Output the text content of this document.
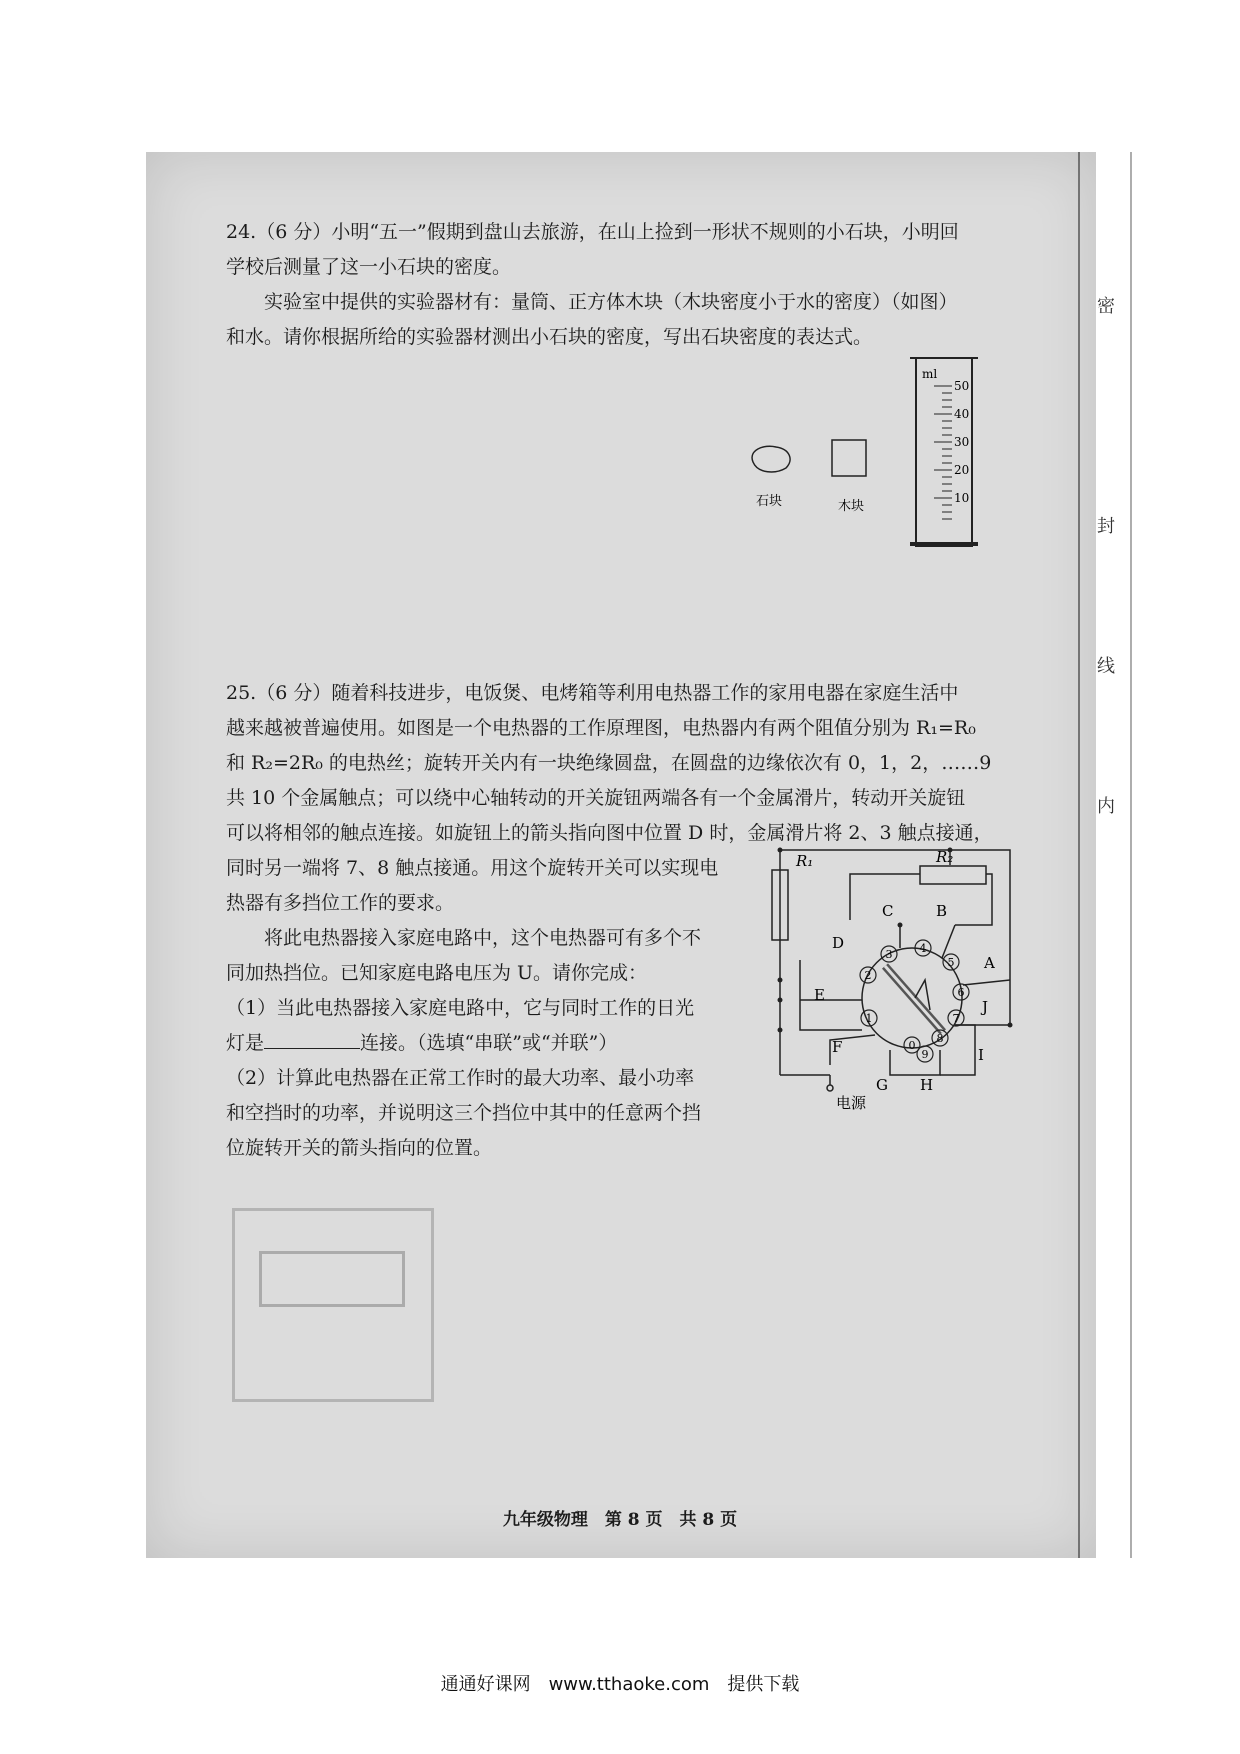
密
封
线
内

24.（6 分）小明“五一”假期到盘山去旅游，在山上捡到一形状不规则的小石块，小明回

学校后测量了这一小石块的密度。

实验室中提供的实验器材有：量筒、正方体木块（木块密度小于水的密度）（如图）

和水。请你根据所给的实验器材测出小石块的密度，写出石块密度的表达式。

石块	木块
ml
50
40
30
20
10

25.（6 分）随着科技进步，电饭煲、电烤箱等利用电热器工作的家用电器在家庭生活中

越来越被普遍使用。如图是一个电热器的工作原理图，电热器内有两个阻值分别为 R₁=R₀

和 R₂=2R₀ 的电热丝；旋转开关内有一块绝缘圆盘，在圆盘的边缘依次有 0，1，2，……9

共 10 个金属触点；可以绕中心轴转动的开关旋钮两端各有一个金属滑片，转动开关旋钮

可以将相邻的触点连接。如旋钮上的箭头指向图中位置 D 时，金属滑片将 2、3 触点接通，

同时另一端将 7、8 触点接通。用这个旋转开关可以实现电

热器有多挡位工作的要求。

将此电热器接入家庭电路中，这个电热器可有多个不

同加热挡位。已知家庭电路电压为 U。请你完成：

（1）当此电热器接入家庭电路中，它与同时工作的日光

灯是	连接。（选填“串联”或“并联”）

（2）计算此电热器在正常工作时的最大功率、最小功率

和空挡时的功率，并说明这三个挡位中其中的任意两个挡

位旋转开关的箭头指向的位置。

R₁	R₂
A
B
C
D
E
F
G H
I
J
0
1
2
3 4
5
6
7
8
9
电源
九年级物理　第 8 页　共 8 页
通通好课网　www.tthaoke.com　提供下载
